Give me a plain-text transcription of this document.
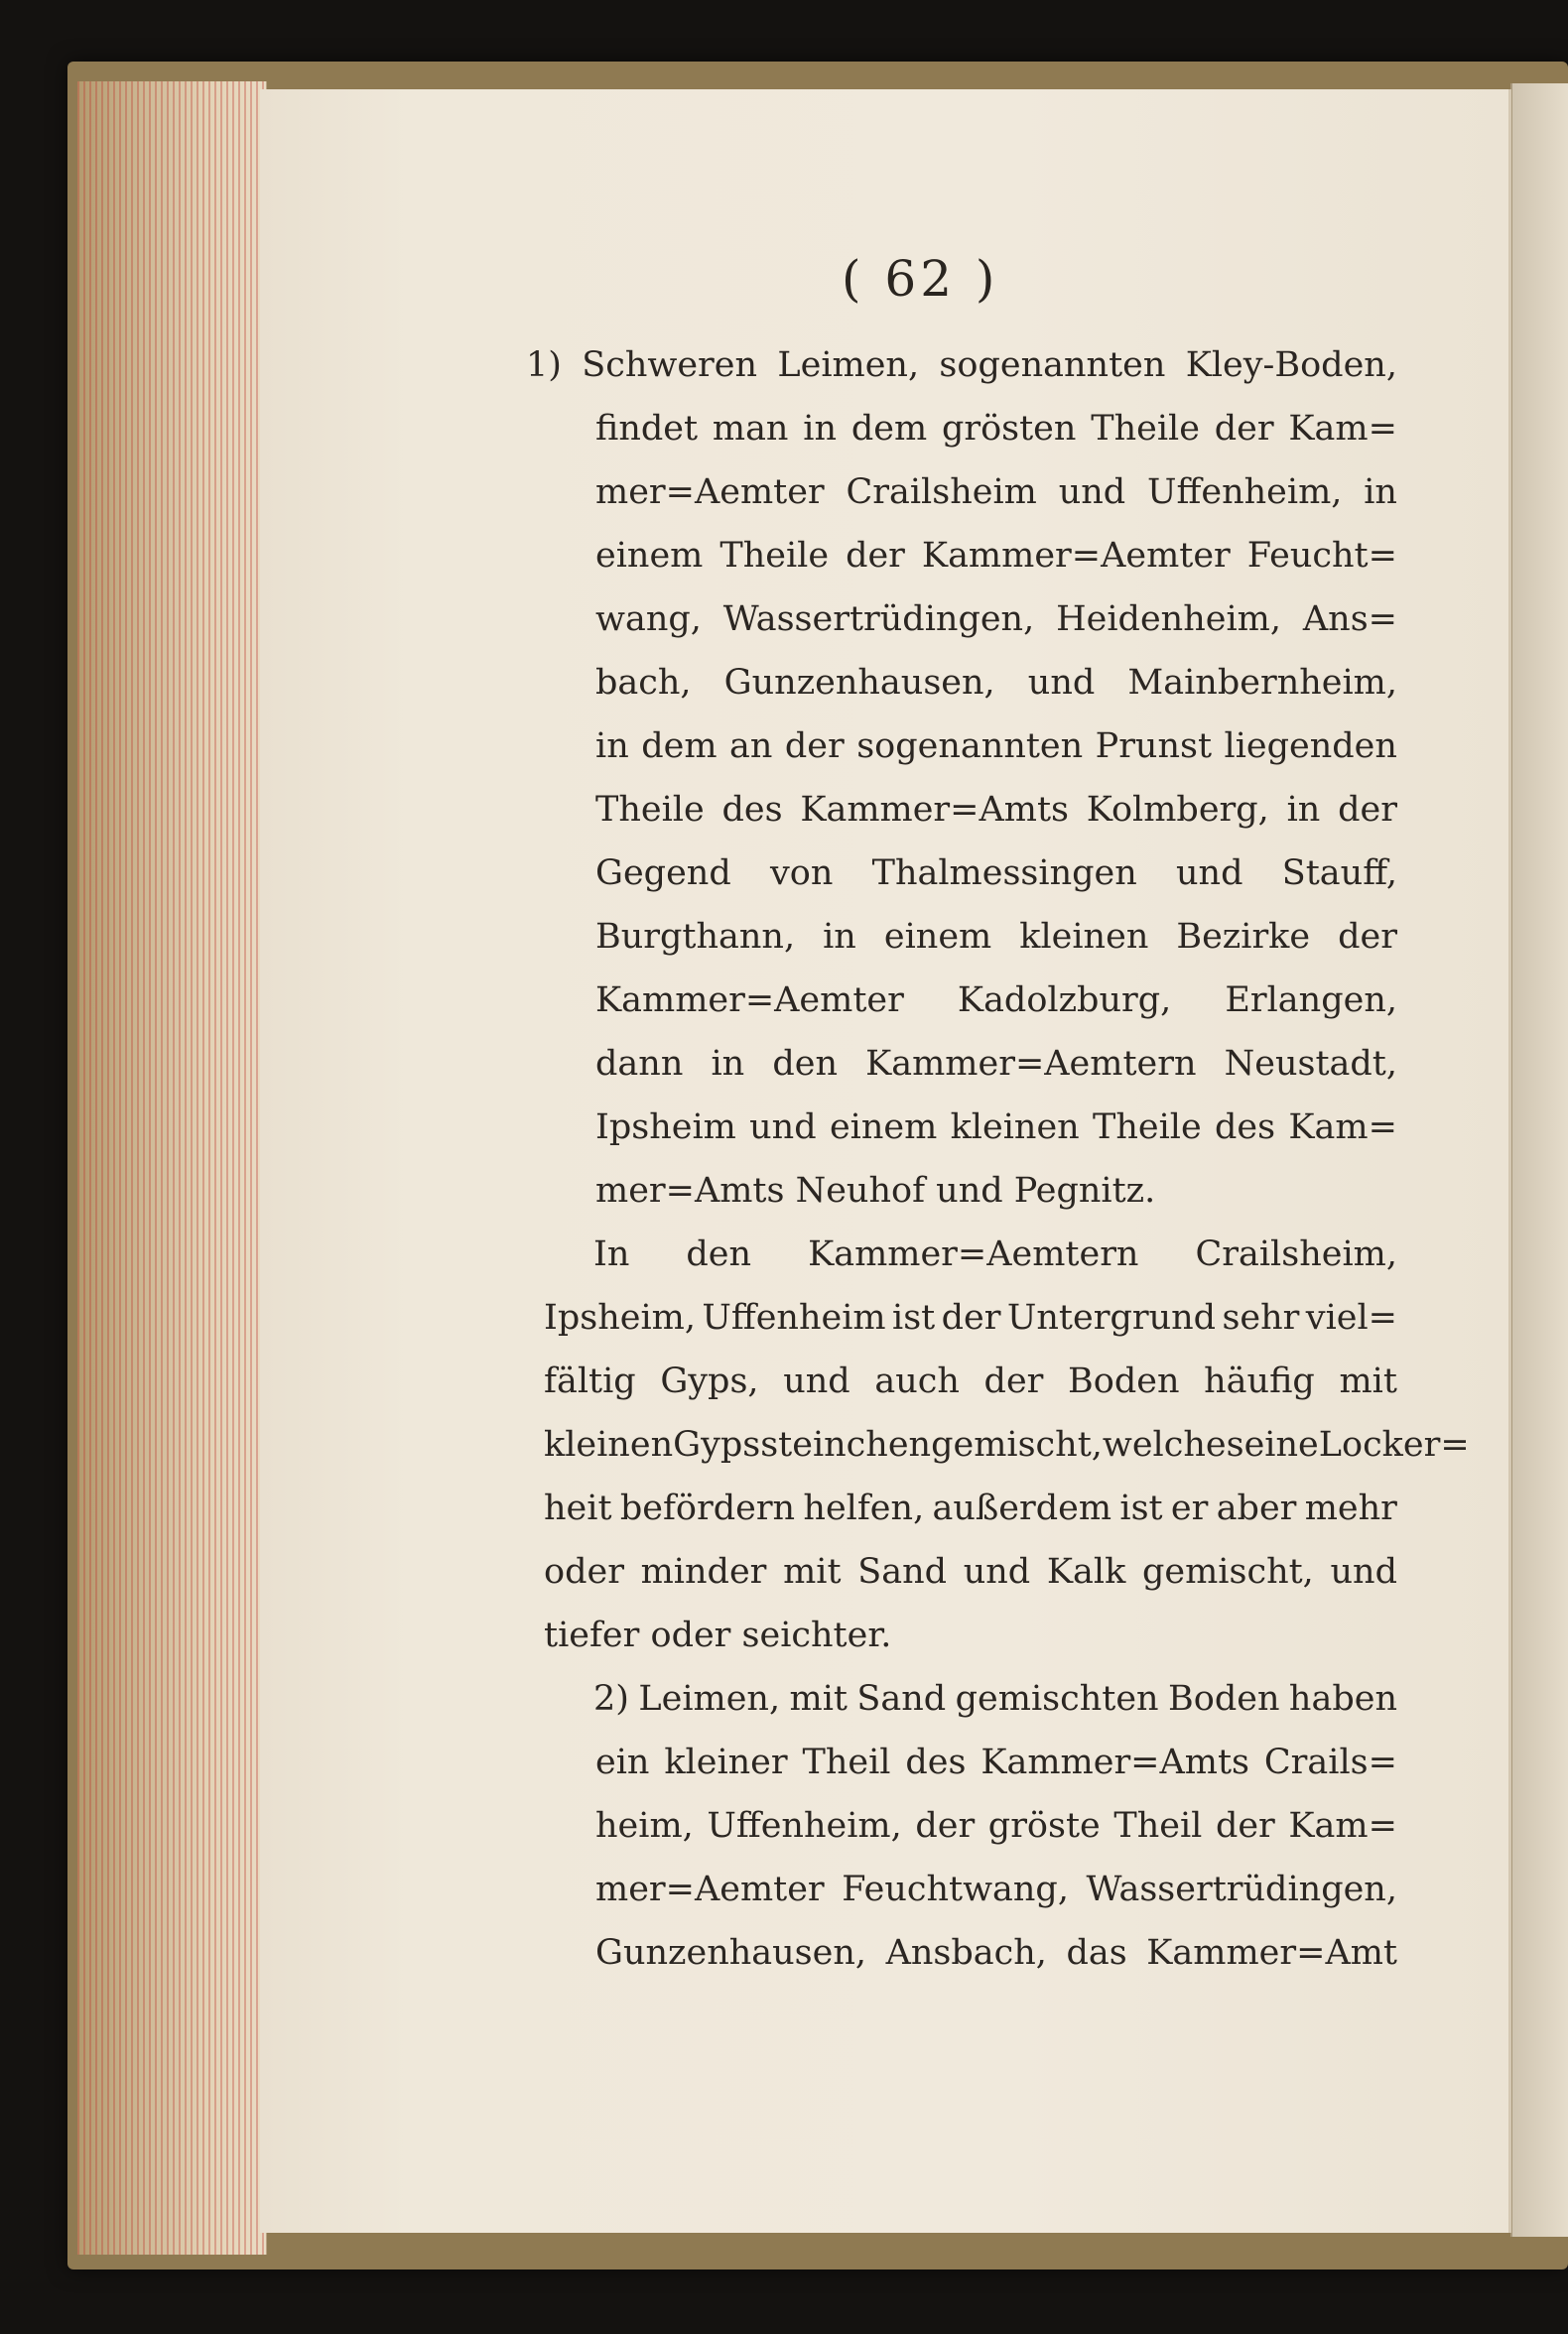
( 62 )
1) Schweren Leimen, sogenannten Kley-Boden,
findet man in dem grösten Theile der Kam=
mer=Aemter Crailsheim und Uffenheim, in
einem Theile der Kammer=Aemter Feucht=
wang, Wassertrüdingen, Heidenheim, Ans=
bach, Gunzenhausen, und Mainbernheim,
in dem an der sogenannten Prunst liegenden
Theile des Kammer=Amts Kolmberg, in der
Gegend von Thalmessingen und Stauff,
Burgthann, in einem kleinen Bezirke der
Kammer=Aemter Kadolzburg, Erlangen,
dann in den Kammer=Aemtern Neustadt,
Ipsheim und einem kleinen Theile des Kam=
mer=Amts Neuhof und Pegnitz.
In den Kammer=Aemtern Crailsheim,
Ipsheim, Uffenheim ist der Untergrund sehr viel=
fältig Gyps, und auch der Boden häufig mit
kleinen Gypssteinchen gemischt, welche seine Locker=
heit befördern helfen, außerdem ist er aber mehr
oder minder mit Sand und Kalk gemischt, und
tiefer oder seichter.
2) Leimen, mit Sand gemischten Boden haben
ein kleiner Theil des Kammer=Amts Crails=
heim, Uffenheim, der gröste Theil der Kam=
mer=Aemter Feuchtwang, Wassertrüdingen,
Gunzenhausen, Ansbach, das Kammer=Amt
